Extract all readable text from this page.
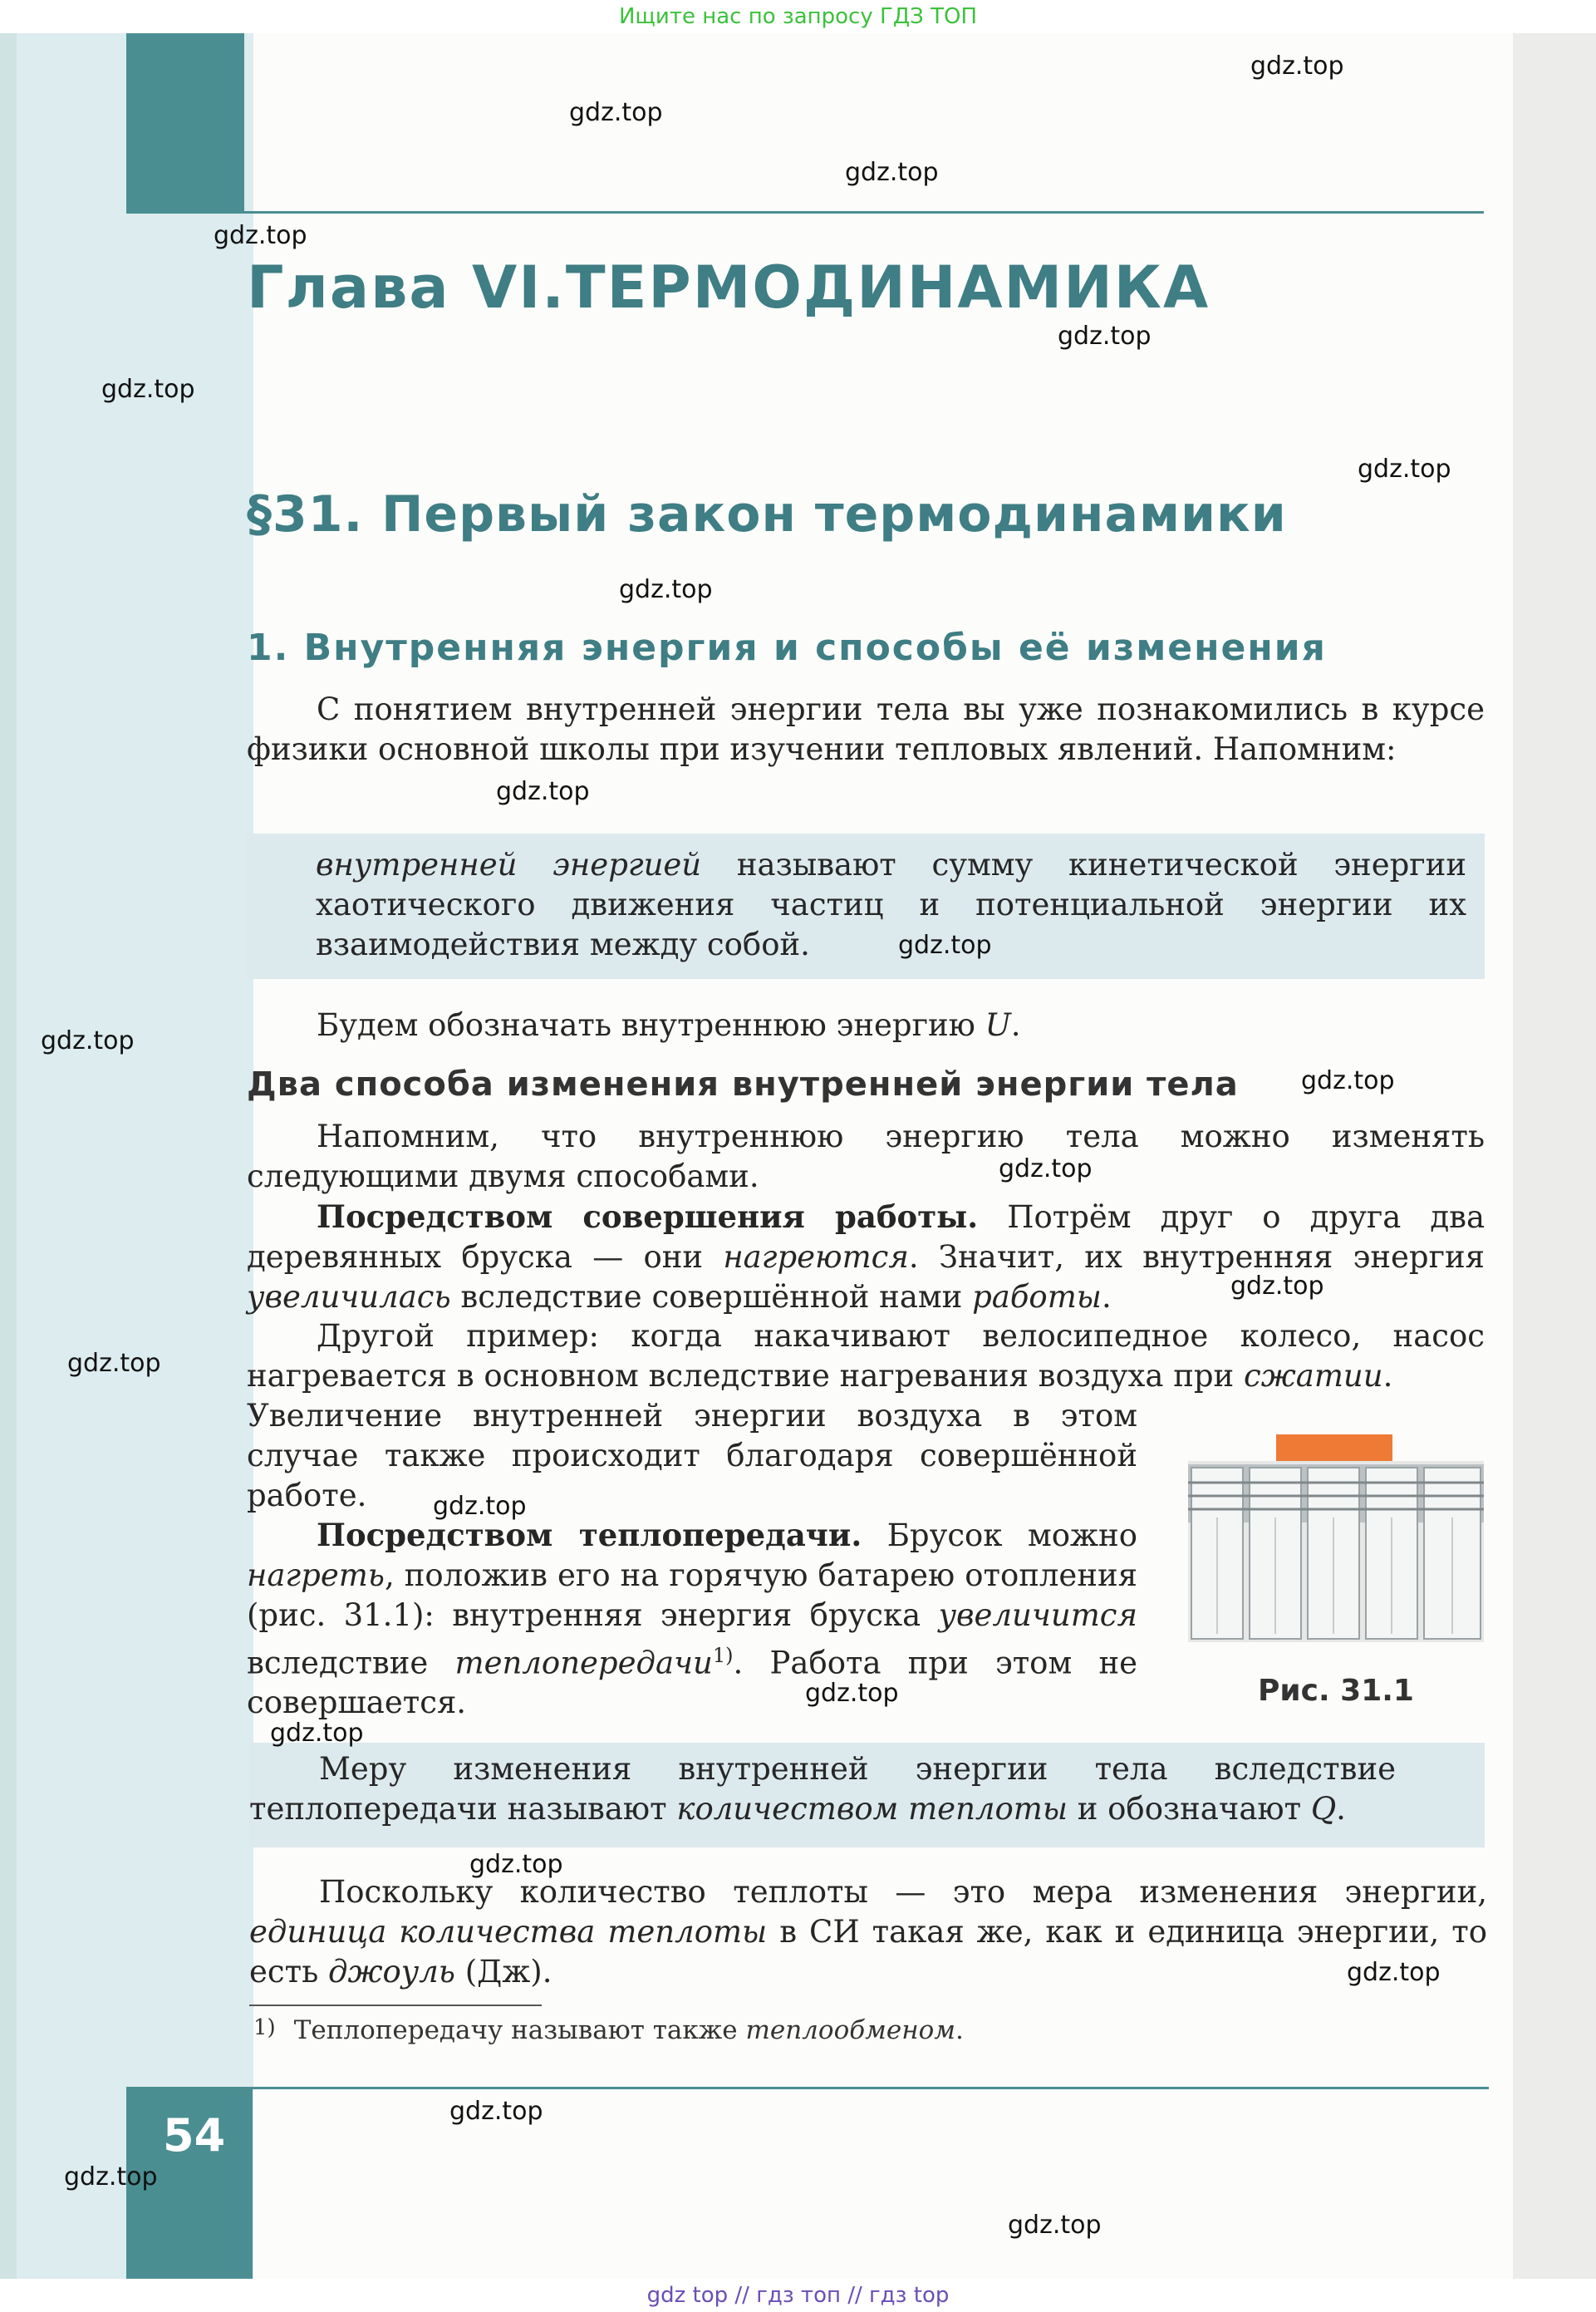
Ищите нас по запросу ГДЗ ТОП
Глава VI.ТЕРМОДИНАМИКА
§31. Первый закон термодинамики
1. Внутренняя энергия и способы её изменения
С понятием внутренней энергии тела вы уже познакомились в курсе физики основной школы при изучении тепловых явлений. Напомним:
внутренней энергией называют сумму кинетической энергии хаотического движения частиц и потенциальной энергии их взаимодействия между собой.
Будем обозначать внутреннюю энергию U.
Два способа изменения внутренней энергии тела
Напомним, что внутреннюю энергию тела можно изменять следующими двумя способами.
Посредством совершения работы. Потрём друг о друга два деревянных бруска — они нагреются. Значит, их внутренняя энергия увеличилась вследствие совершённой нами работы.
Другой пример: когда накачивают велосипедное колесо, насос нагревается в основном вследствие нагревания воздуха при сжатии.
Увеличение внутренней энергии воздуха в этом случае также происходит благодаря совершённой работе.
Посредством теплопередачи. Брусок можно нагреть, положив его на горячую батарею отопления (рис. 31.1): внутренняя энергия бруска увеличится вследствие теплопередачи$^{1)}$. Работа при этом не совершается.	Рис. 31.1
Меру изменения внутренней энергии тела вследствие теплопередачи называют количеством теплоты и обозначают Q.
Поскольку количество теплоты — это мера изменения энергии, единица количества теплоты в СИ такая же, как и единица энергии, то есть джоуль (Дж).
$^{1)}$ Теплопередачу называют также теплообменом.
54
gdz.top
gdz.top
gdz.top
gdz.top
gdz.top
gdz.top
gdz.top
gdz.top
gdz.top
gdz.top
gdz.top
gdz.top
gdz.top
gdz.top
gdz.top
gdz.top
gdz.top
gdz.top
gdz.top
gdz.top
gdz.top
gdz.top
gdz.top
gdz top // гдз топ // гдз top
